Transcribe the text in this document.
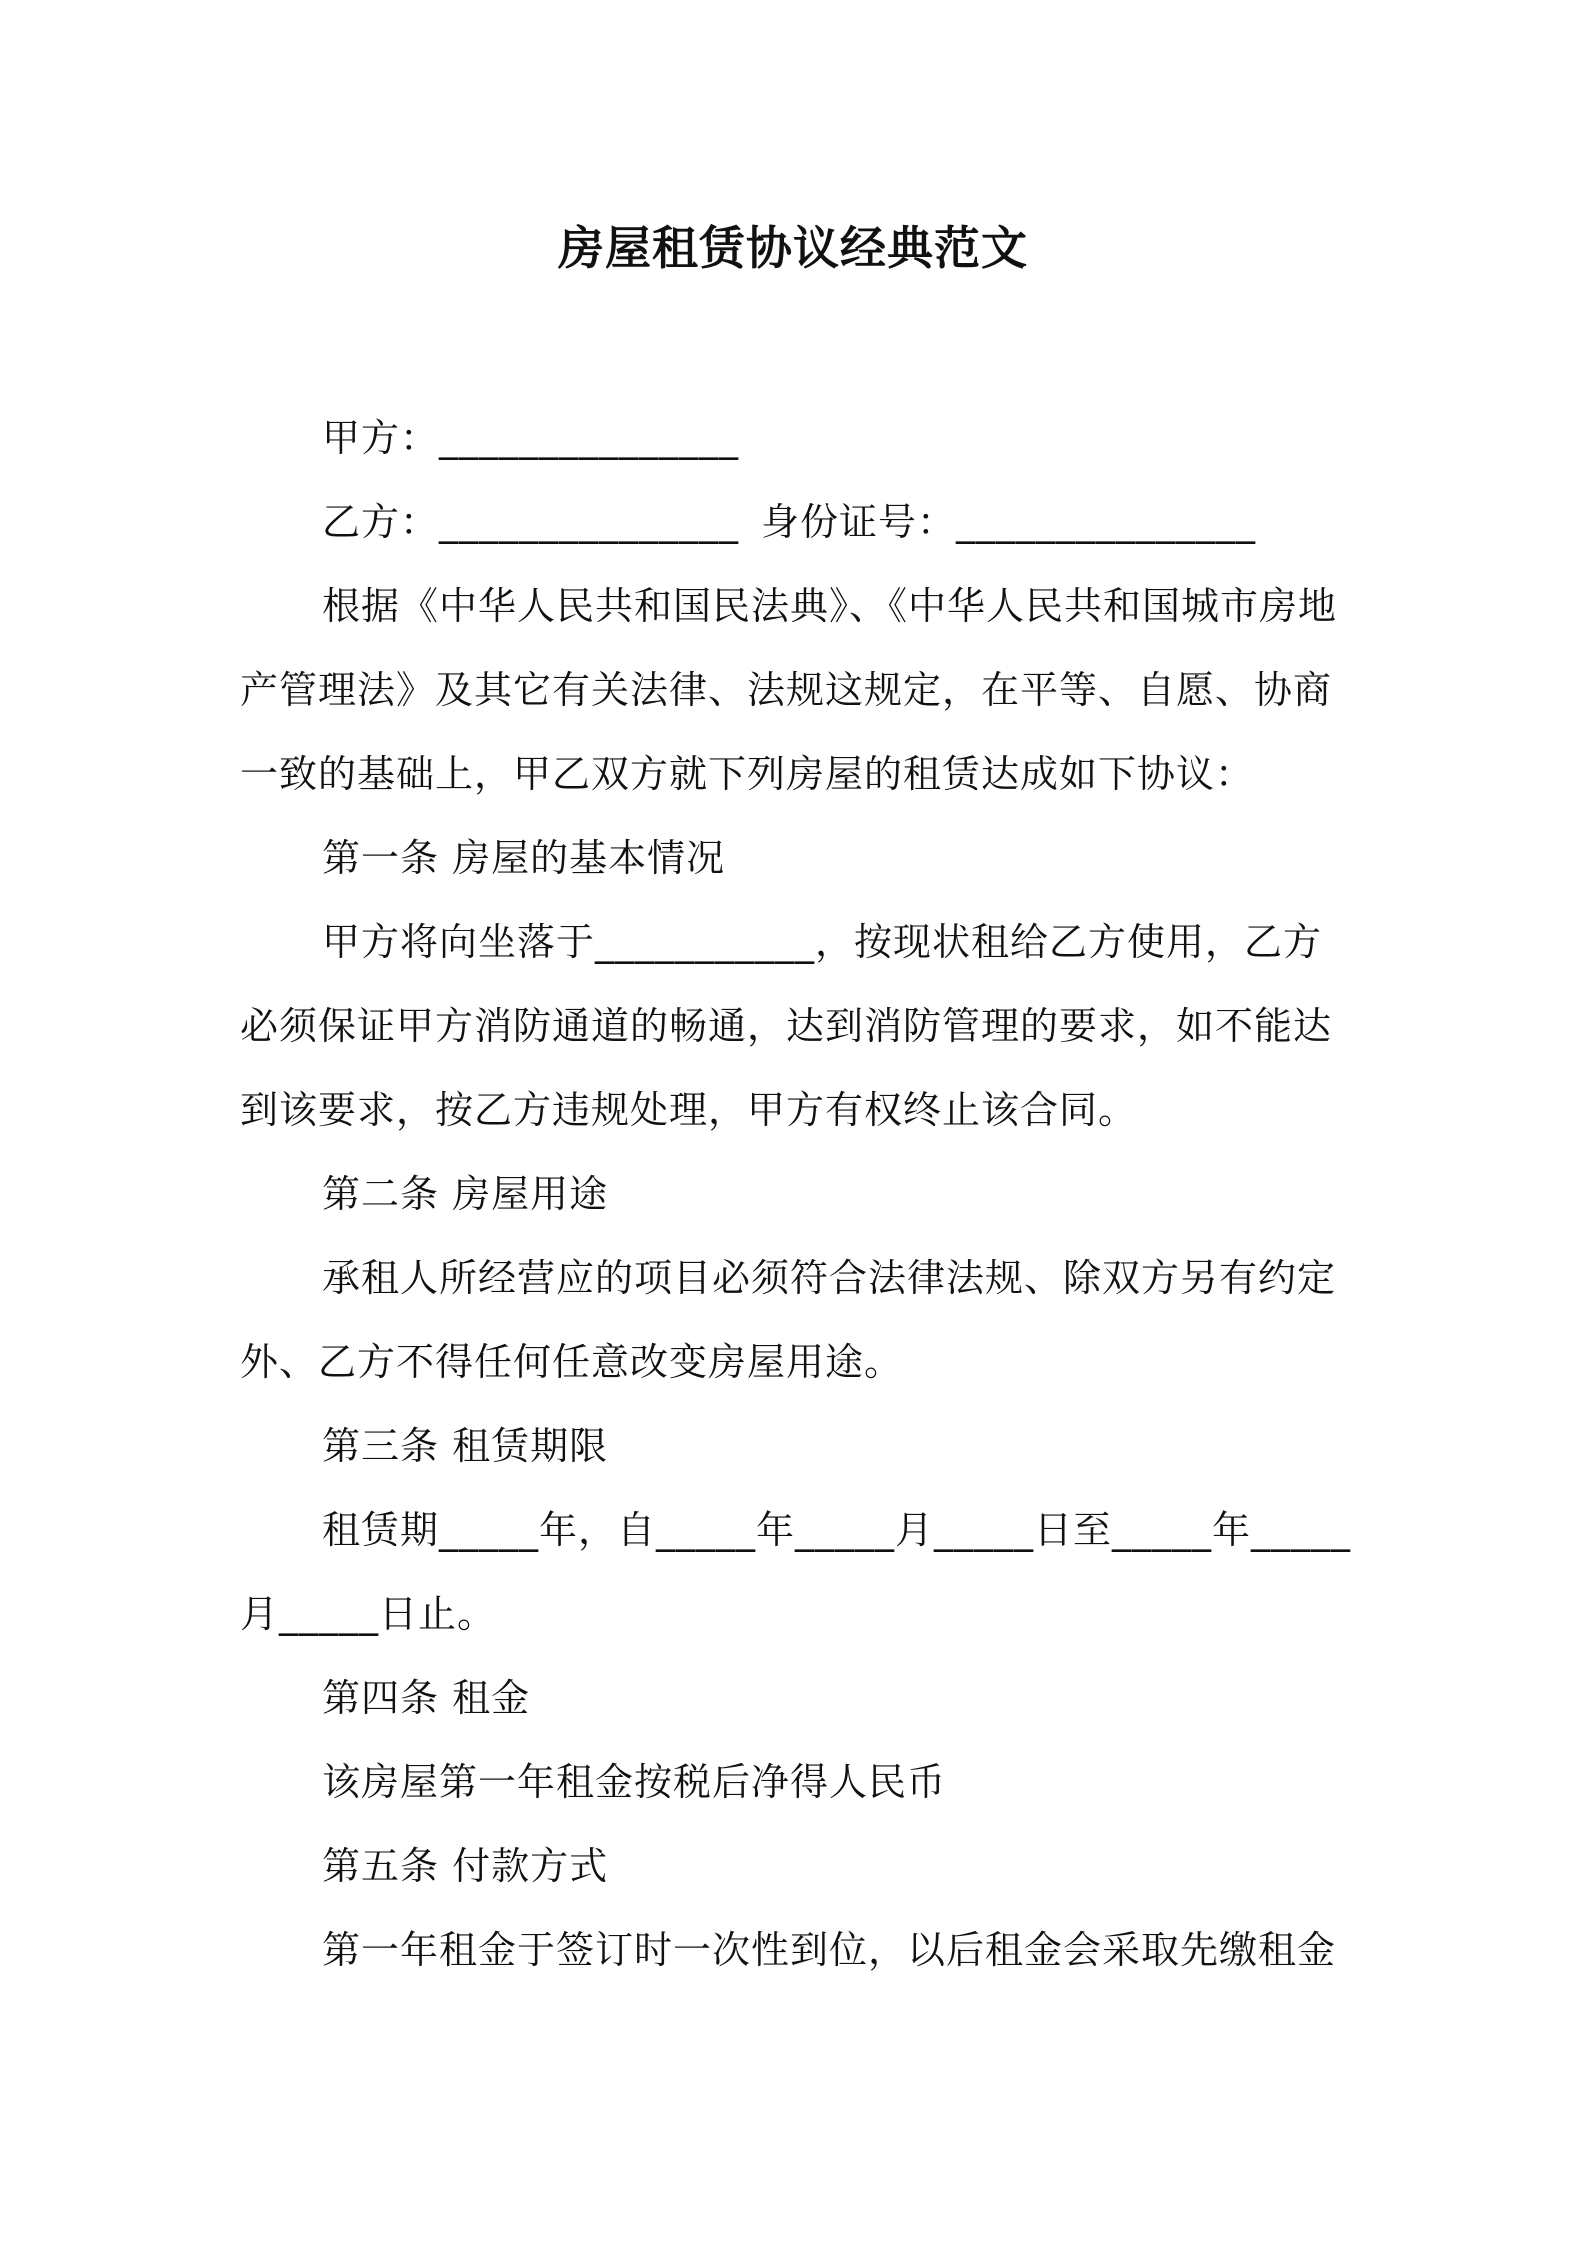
房屋租赁协议经典范文

甲方：_______________

乙方：_______________ 身份证号：_______________

根据《中华人民共和国民法典》、《中华人民共和国城市房地产管理法》及其它有关法律、法规这规定，在平等、自愿、协商一致的基础上，甲乙双方就下列房屋的租赁达成如下协议：

第一条 房屋的基本情况

甲方将向坐落于___________，按现状租给乙方使用，乙方必须保证甲方消防通道的畅通，达到消防管理的要求，如不能达到该要求，按乙方违规处理，甲方有权终止该合同。

第二条 房屋用途

承租人所经营应的项目必须符合法律法规、除双方另有约定外、乙方不得任何任意改变房屋用途。

第三条 租赁期限

租赁期_____年，自_____年_____月_____日至_____年_____月_____日止。

第四条 租金

该房屋第一年租金按税后净得人民币

第五条 付款方式

第一年租金于签订时一次性到位，以后租金会采取先缴租金
